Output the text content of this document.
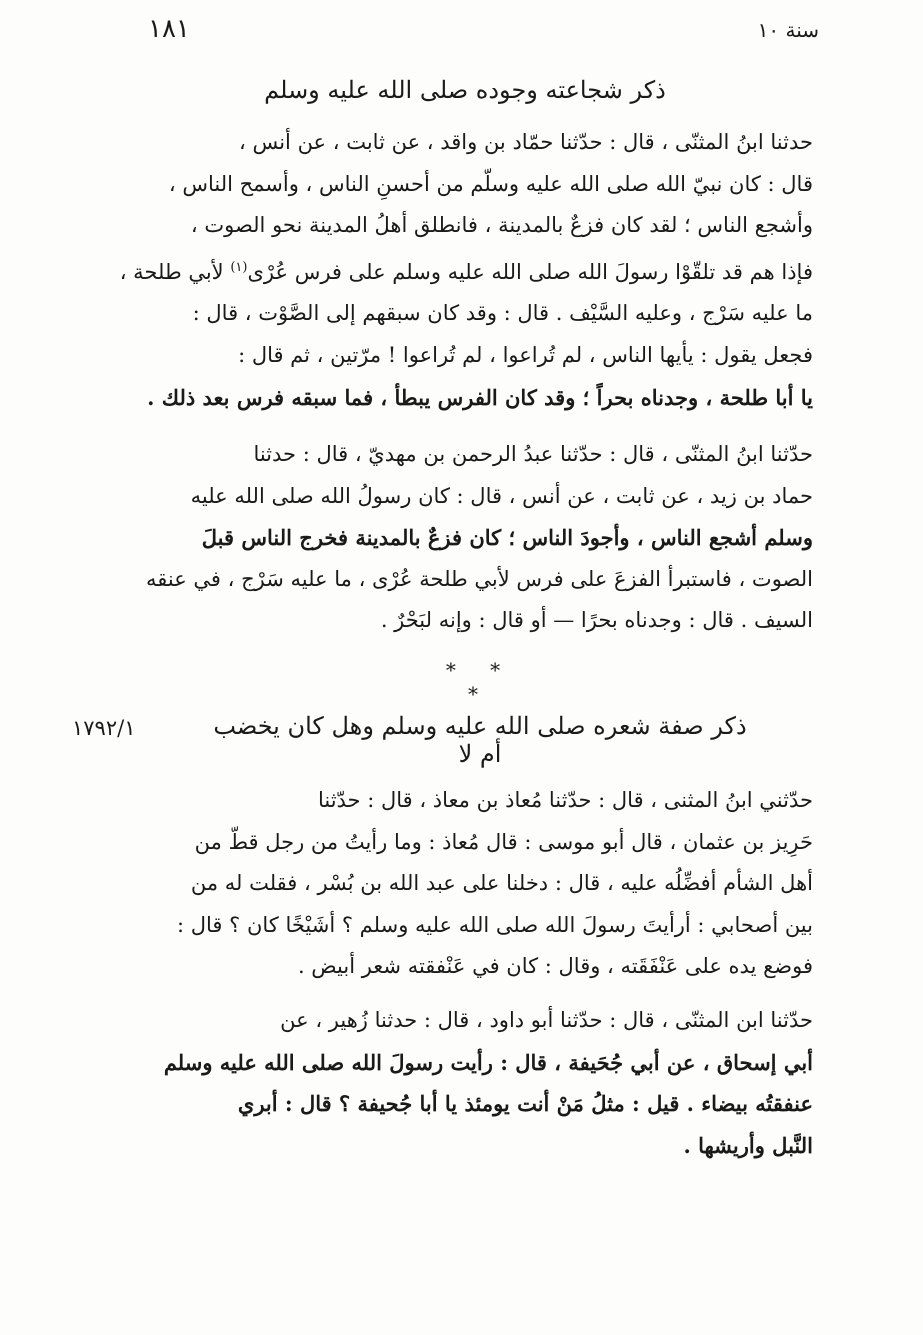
١٨١	سنة ١٠
ذكر شجاعته وجوده صلى الله عليه وسلم
حدثنا ابنُ المثنّى ، قال : حدّثنا حمّاد بن واقد ، عن ثابت ، عن أنس ،
قال : كان نبيّ الله صلى الله عليه وسلّم من أحسنِ الناس ، وأسمح الناس ،
وأشجع الناس ؛ لقد كان فزعٌ بالمدينة ، فانطلق أهلُ المدينة نحو الصوت ،
فإذا هم قد تلقّوْا رسولَ الله صلى الله عليه وسلم على فرس عُرْى$^{(١)}$ لأبي طلحة ،
ما عليه سَرْج ، وعليه السَّيْف . قال : وقد كان سبقهم إلى الصَّوْت ، قال :
فجعل يقول : يأيها الناس ، لم تُراعوا ، لم تُراعوا ! مرّتين ، ثم قال :
يا أبا طلحة ، وجدناه بحراً ؛ وقد كان الفرس يبطأ ، فما سبقه فرس بعد ذلك .
حدّثنا ابنُ المثنّى ، قال : حدّثنا عبدُ الرحمن بن مهديّ ، قال : حدثنا
حماد بن زيد ، عن ثابت ، عن أنس ، قال : كان رسولُ الله صلى الله عليه
وسلم أشجع الناس ، وأجودَ الناس ؛ كان فزعٌ بالمدينة فخرج الناس قبلَ
الصوت ، فاستبرأ الفزعَ على فرس لأبي طلحة عُرْى ، ما عليه سَرْج ، في عنقه
السيف . قال : وجدناه بحرًا — أو قال : وإنه لبَحْرٌ .
* * *
١٧٩٢/١	ذكر صفة شعره صلى الله عليه وسلم وهل كان يخضب أم لا
حدّثني ابنُ المثنى ، قال : حدّثنا مُعاذ بن معاذ ، قال : حدّثنا
حَرِيز بن عثمان ، قال أبو موسى : قال مُعاذ : وما رأيتُ من رجل قطّ من
أهل الشأم أفضِّلُه عليه ، قال : دخلنا على عبد الله بن بُسْر ، فقلت له من
بين أصحابي : أرأيتَ رسولَ الله صلى الله عليه وسلم ؟ أشَيْخًا كان ؟ قال :
فوضع يده على عَنْفَقَته ، وقال : كان في عَنْفقته شعر أبيض .
حدّثنا ابن المثنّى ، قال : حدّثنا أبو داود ، قال : حدثنا زُهير ، عن
أبي إسحاق ، عن أبي جُحَيفة ، قال : رأيت رسولَ الله صلى الله عليه وسلم
عنفقتُه بيضاء . قيل : مثلُ مَنْ أنت يومئذ يا أبا جُحيفة ؟ قال : أبري
النَّبل وأريشها .
